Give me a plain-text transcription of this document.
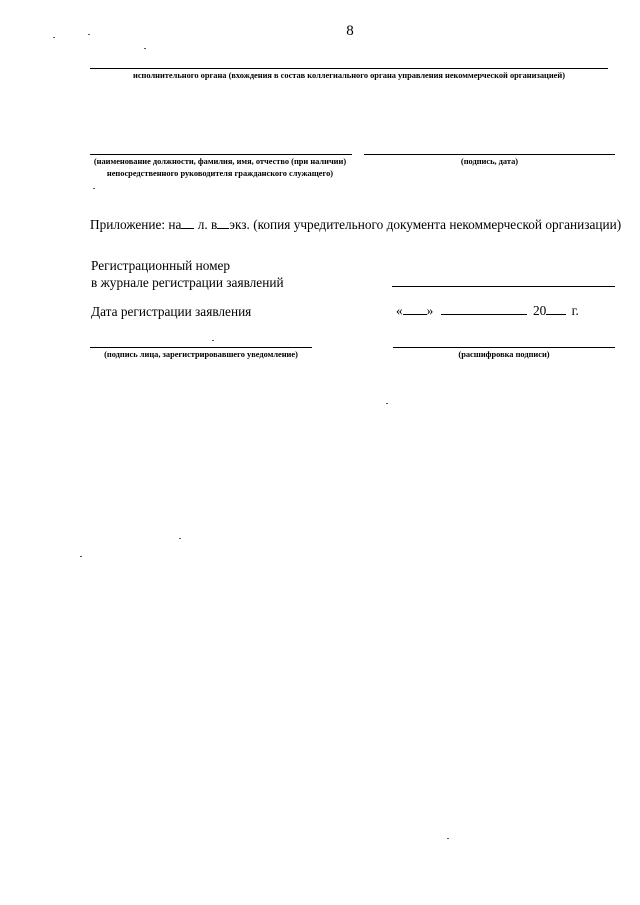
8
исполнительного органа (вхождения в состав коллегиального органа управления некоммерческой организацией)
(наименование должности, фамилия, имя, отчество (при наличии) непосредственного руководителя гражданского служащего)
(подпись, дата)
Приложение: на л. в экз. (копия учредительного документа некоммерческой организации)
Регистрационный номер
в журнале регистрации заявлений
Дата регистрации заявления	« »	20 г.
(подпись лица, зарегистрировавшего уведомление)	(расшифровка подписи)
